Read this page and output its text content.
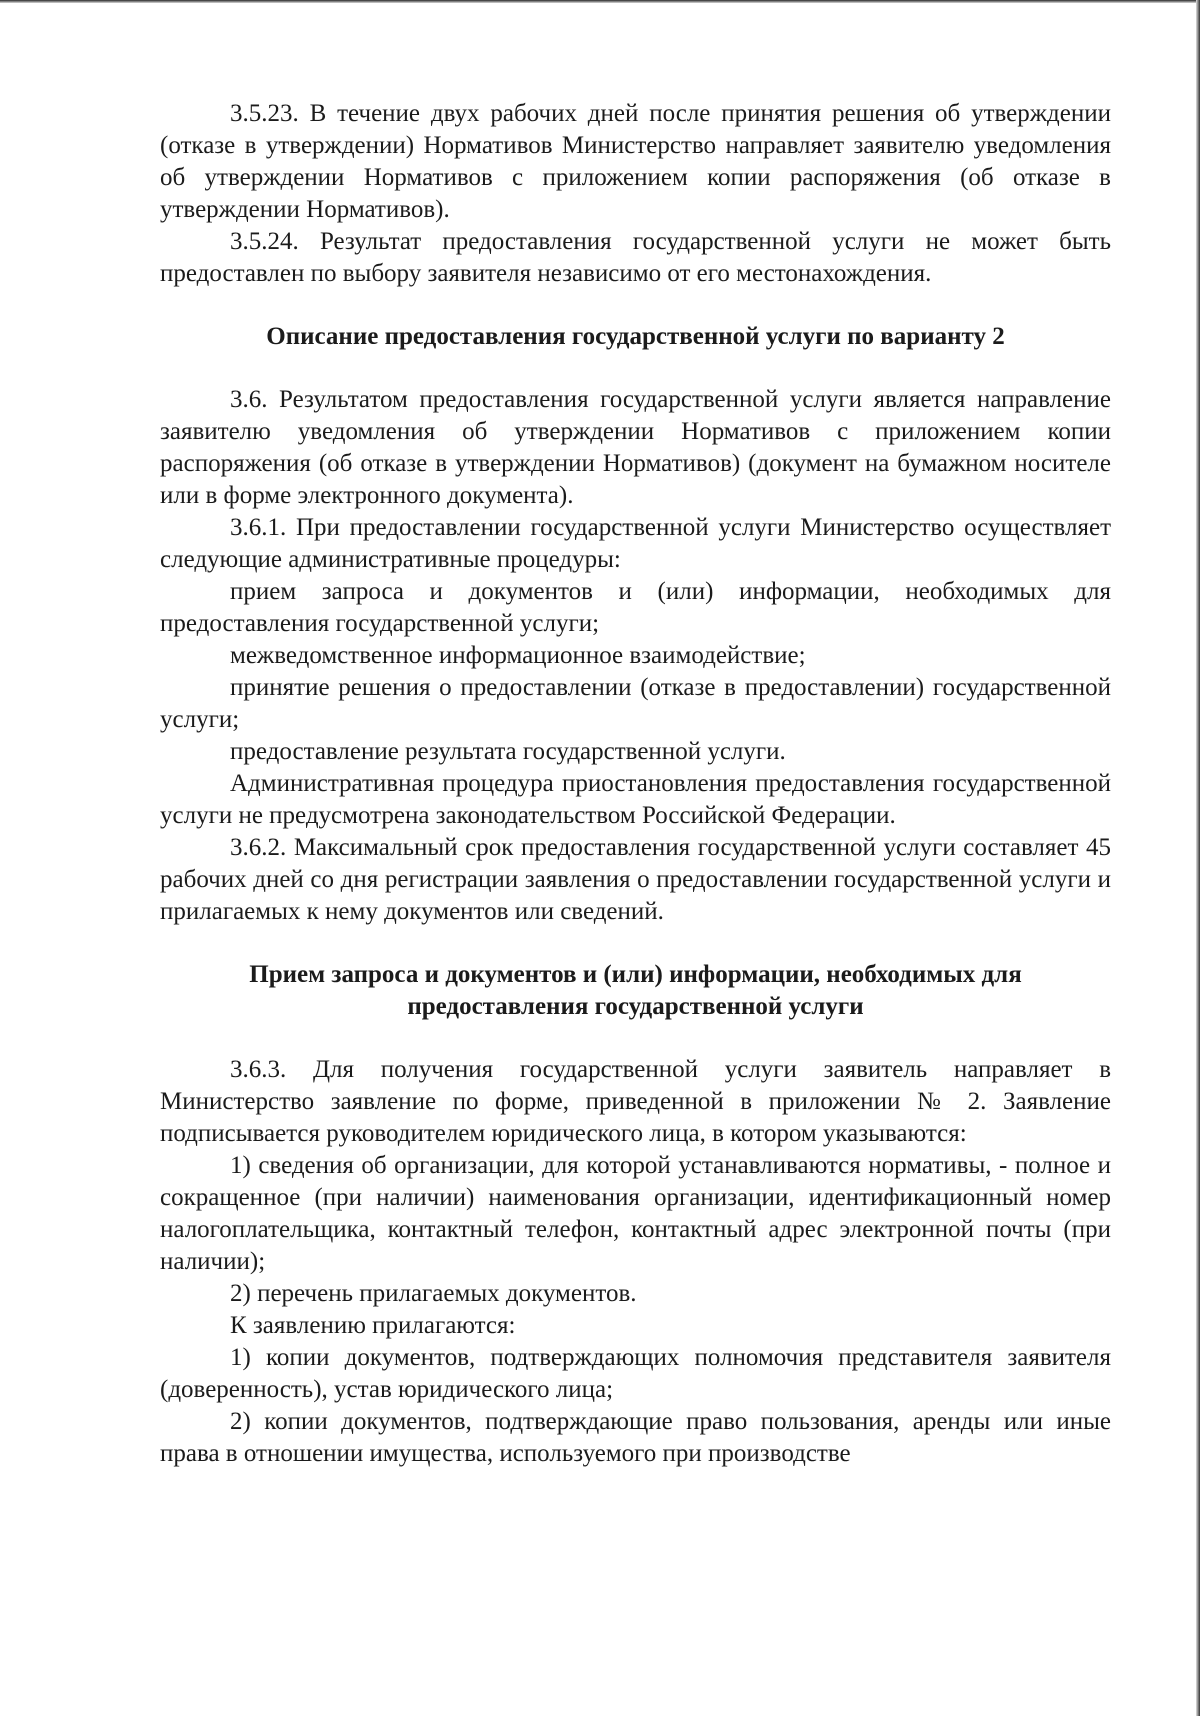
3.5.23. В течение двух рабочих дней после принятия решения об утверждении (отказе в утверждении) Нормативов Министерство направляет заявителю уведомления об утверждении Нормативов с приложением копии распоряжения (об отказе в утверждении Нормативов).

3.5.24. Результат предоставления государственной услуги не может быть предоставлен по выбору заявителя независимо от его местонахождения.

Описание предоставления государственной услуги по варианту 2

3.6. Результатом предоставления государственной услуги является направление заявителю уведомления об утверждении Нормативов с приложением копии распоряжения (об отказе в утверждении Нормативов) (документ на бумажном носителе или в форме электронного документа).

3.6.1. При предоставлении государственной услуги Министерство осуществляет следующие административные процедуры:

прием запроса и документов и (или) информации, необходимых для предоставления государственной услуги;

межведомственное информационное взаимодействие;

принятие решения о предоставлении (отказе в предоставлении) государственной услуги;

предоставление результата государственной услуги.

Административная процедура приостановления предоставления государственной услуги не предусмотрена законодательством Российской Федерации.

3.6.2. Максимальный срок предоставления государственной услуги составляет 45 рабочих дней со дня регистрации заявления о предоставлении государственной услуги и прилагаемых к нему документов или сведений.

Прием запроса и документов и (или) информации, необходимых для
предоставления государственной услуги

3.6.3. Для получения государственной услуги заявитель направляет в Министерство заявление по форме, приведенной в приложении № 2. Заявление подписывается руководителем юридического лица, в котором указываются:

1) сведения об организации, для которой устанавливаются нормативы, - полное и сокращенное (при наличии) наименования организации, идентификационный номер налогоплательщика, контактный телефон, контактный адрес электронной почты (при наличии);

2) перечень прилагаемых документов.

К заявлению прилагаются:

1) копии документов, подтверждающих полномочия представителя заявителя (доверенность), устав юридического лица;

2) копии документов, подтверждающие право пользования, аренды или иные права в отношении имущества, используемого при производстве
